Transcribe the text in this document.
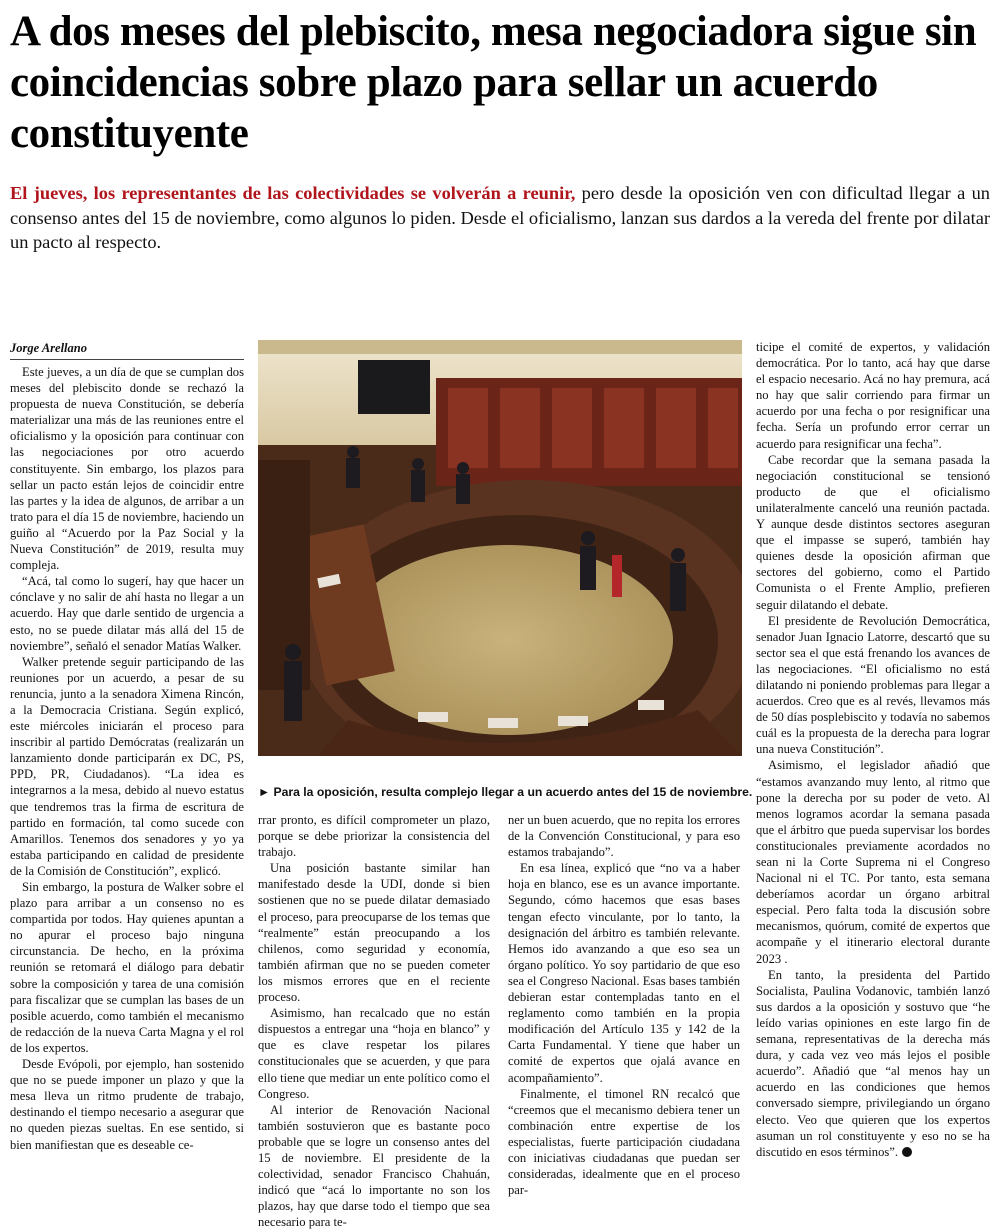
A dos meses del plebiscito, mesa negociadora sigue sin coincidencias sobre plazo para sellar un acuerdo constituyente

El jueves, los representantes de las colectividades se volverán a reunir, pero desde la oposición ven con dificultad llegar a un consenso antes del 15 de noviembre, como algunos lo piden. Desde el oficialismo, lanzan sus dardos a la vereda del frente por dilatar un pacto al respecto.

Jorge Arellano

Este jueves, a un día de que se cumplan dos meses del plebiscito donde se rechazó la propuesta de nueva Constitución, se debería materializar una más de las reuniones entre el oficialismo y la oposición para continuar con las negociaciones por otro acuerdo constituyente. Sin embargo, los plazos para sellar un pacto están lejos de coincidir entre las partes y la idea de algunos, de arribar a un trato para el día 15 de noviembre, haciendo un guiño al “Acuerdo por la Paz Social y la Nueva Constitución” de 2019, resulta muy compleja.

“Acá, tal como lo sugerí, hay que hacer un cónclave y no salir de ahí hasta no llegar a un acuerdo. Hay que darle sentido de urgencia a esto, no se puede dilatar más allá del 15 de noviembre”, señaló el senador Matías Walker.

Walker pretende seguir participando de las reuniones por un acuerdo, a pesar de su renuncia, junto a la senadora Ximena Rincón, a la Democracia Cristiana. Según explicó, este miércoles iniciarán el proceso para inscribir al partido Demócratas (realizarán un lanzamiento donde participarán ex DC, PS, PPD, PR, Ciudadanos). “La idea es integrarnos a la mesa, debido al nuevo estatus que tendremos tras la firma de escritura de partido en formación, tal como sucede con Amarillos. Tenemos dos senadores y yo ya estaba participando en calidad de presidente de la Comisión de Constitución”, explicó.

Sin embargo, la postura de Walker sobre el plazo para arribar a un consenso no es compartida por todos. Hay quienes apuntan a no apurar el proceso bajo ninguna circunstancia. De hecho, en la próxima reunión se retomará el diálogo para debatir sobre la composición y tarea de una comisión para fiscalizar que se cumplan las bases de un posible acuerdo, como también el mecanismo de redacción de la nueva Carta Magna y el rol de los expertos.

Desde Evópoli, por ejemplo, han sostenido que no se puede imponer un plazo y que la mesa lleva un ritmo prudente de trabajo, destinando el tiempo necesario a asegurar que no queden piezas sueltas. En ese sentido, si bien manifiestan que es deseable ce-

► Para la oposición, resulta complejo llegar a un acuerdo antes del 15 de noviembre.

rrar pronto, es difícil comprometer un plazo, porque se debe priorizar la consistencia del trabajo.

Una posición bastante similar han manifestado desde la UDI, donde si bien sostienen que no se puede dilatar demasiado el proceso, para preocuparse de los temas que “realmente” están preocupando a los chilenos, como seguridad y economía, también afirman que no se pueden cometer los mismos errores que en el reciente proceso.

Asimismo, han recalcado que no están dispuestos a entregar una “hoja en blanco” y que es clave respetar los pilares constitucionales que se acuerden, y que para ello tiene que mediar un ente político como el Congreso.

Al interior de Renovación Nacional también sostuvieron que es bastante poco probable que se logre un consenso antes del 15 de noviembre. El presidente de la colectividad, senador Francisco Chahuán, indicó que “acá lo importante no son los plazos, hay que darse todo el tiempo que sea necesario para te-

ner un buen acuerdo, que no repita los errores de la Convención Constitucional, y para eso estamos trabajando”.

En esa línea, explicó que “no va a haber hoja en blanco, ese es un avance importante. Segundo, cómo hacemos que esas bases tengan efecto vinculante, por lo tanto, la designación del árbitro es también relevante. Hemos ido avanzando a que eso sea un órgano político. Yo soy partidario de que eso sea el Congreso Nacional. Esas bases también debieran estar contempladas tanto en el reglamento como también en la propia modificación del Artículo 135 y 142 de la Carta Fundamental. Y tiene que haber un comité de expertos que ojalá avance en acompañamiento”.

Finalmente, el timonel RN recalcó que “creemos que el mecanismo debiera tener un combinación entre expertise de los especialistas, fuerte participación ciudadana con iniciativas ciudadanas que puedan ser consideradas, idealmente que en el proceso par-

ticipe el comité de expertos, y validación democrática. Por lo tanto, acá hay que darse el espacio necesario. Acá no hay premura, acá no hay que salir corriendo para firmar un acuerdo por una fecha o por resignificar una fecha. Sería un profundo error cerrar un acuerdo para resignificar una fecha”.

Cabe recordar que la semana pasada la negociación constitucional se tensionó producto de que el oficialismo unilateralmente canceló una reunión pactada. Y aunque desde distintos sectores aseguran que el impasse se superó, también hay quienes desde la oposición afirman que sectores del gobierno, como el Partido Comunista o el Frente Amplio, prefieren seguir dilatando el debate.

El presidente de Revolución Democrática, senador Juan Ignacio Latorre, descartó que su sector sea el que está frenando los avances de las negociaciones. “El oficialismo no está dilatando ni poniendo problemas para llegar a acuerdos. Creo que es al revés, llevamos más de 50 días posplebiscito y todavía no sabemos cuál es la propuesta de la derecha para lograr una nueva Constitución”.

Asimismo, el legislador añadió que “estamos avanzando muy lento, al ritmo que pone la derecha por su poder de veto. Al menos logramos acordar la semana pasada que el árbitro que pueda supervisar los bordes constitucionales previamente acordados no sean ni la Corte Suprema ni el Congreso Nacional ni el TC. Por tanto, esta semana deberíamos acordar un órgano arbitral especial. Pero falta toda la discusión sobre mecanismos, quórum, comité de expertos que acompañe y el itinerario electoral durante 2023 .

En tanto, la presidenta del Partido Socialista, Paulina Vodanovic, también lanzó sus dardos a la oposición y sostuvo que “he leído varias opiniones en este largo fin de semana, representativas de la derecha más dura, y cada vez veo más lejos el posible acuerdo”. Añadió que “al menos hay un acuerdo en las condiciones que hemos conversado siempre, privilegiando un órgano electo. Veo que quieren que los expertos asuman un rol constituyente y eso no se ha discutido en esos términos”.
